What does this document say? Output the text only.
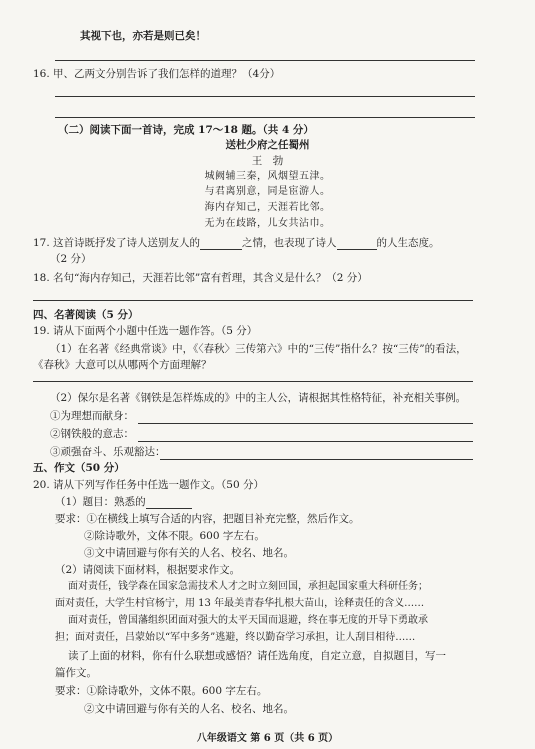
其视下也，亦若是则已矣！
16. 甲、乙两文分别告诉了我们怎样的道理？（4分）
（二）阅读下面一首诗，完成 17～18 题。（共 4 分）
送杜少府之任蜀州
王　勃
城阙辅三秦，风烟望五津。
与君离别意，同是宦游人。
海内存知己，天涯若比邻。
无为在歧路，儿女共沾巾。
17. 这首诗既抒发了诗人送别友人的	之情，也表现了诗人	的人生态度。
（2 分）
18. 名句“海内存知己，天涯若比邻”富有哲理，其含义是什么？（2 分）
四、名著阅读（5 分）
19. 请从下面两个小题中任选一题作答。（5 分）
（1）在名著《经典常谈》中，《〈春秋〉三传第六》中的“三传”指什么？按“三传”的看法，
《春秋》大意可以从哪两个方面理解？
（2）保尔是名著《钢铁是怎样炼成的》中的主人公，请根据其性格特征，补充相关事例。
①为理想而献身：
②钢铁般的意志：
③顽强奋斗、乐观豁达：
五、作文（50 分）
20. 请从下列写作任务中任选一题作文。（50 分）
（1）题目：熟悉的
要求：①在横线上填写合适的内容，把题目补充完整，然后作文。
②除诗歌外，文体不限。600 字左右。
③文中请回避与你有关的人名、校名、地名。
（2）请阅读下面材料，根据要求作文。
面对责任，钱学森在国家急需技术人才之时立刻回国，承担起国家重大科研任务；
面对责任，大学生村官杨宁，用 13 年最美青春华扎根大苗山，诠释责任的含义……
面对责任，曾国藩组织团面对强大的太平天国而退避，终在事无度的开导下勇敢承
担；面对责任，吕蒙始以“军中多务”逃避，终以勤奋学习承担，让人刮目相待……
读了上面的材料，你有什么联想或感悟？请任选角度，自定立意，自拟题目，写一
篇作文。
要求：①除诗歌外，文体不限。600 字左右。
②文中请回避与你有关的人名、校名、地名。
八年级语文 第 6 页（共 6 页）
